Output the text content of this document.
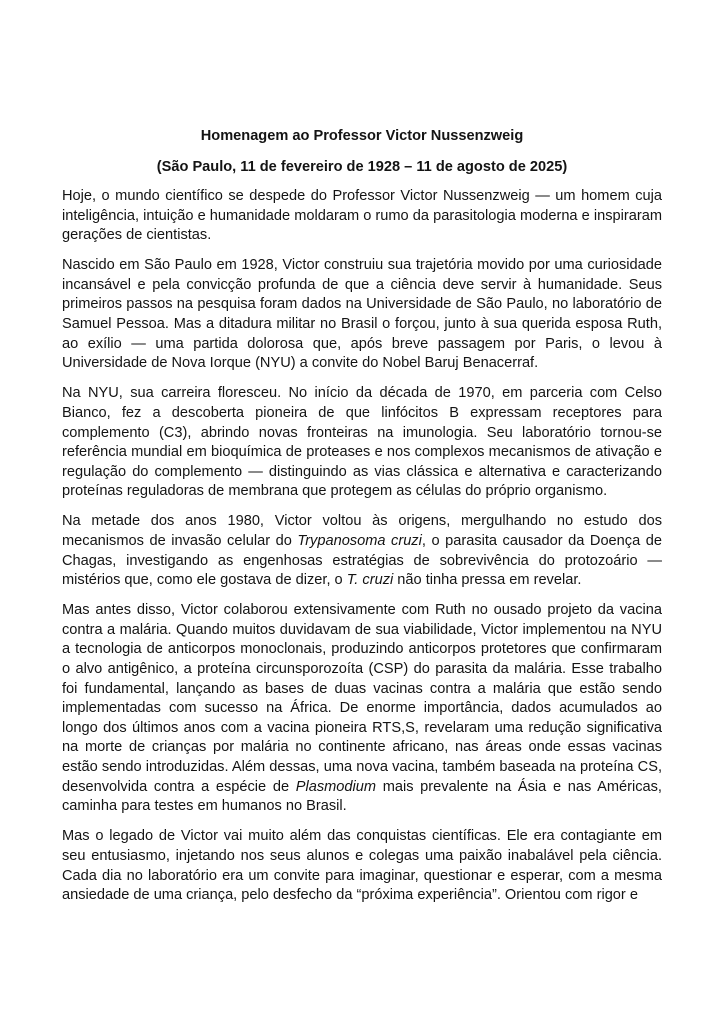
Homenagem ao Professor Victor Nussenzweig

(São Paulo, 11 de fevereiro de 1928 – 11 de agosto de 2025)

Hoje, o mundo científico se despede do Professor Victor Nussenzweig — um homem cuja inteligência, intuição e humanidade moldaram o rumo da parasitologia moderna e inspiraram gerações de cientistas.

Nascido em São Paulo em 1928, Victor construiu sua trajetória movido por uma curiosidade incansável e pela convicção profunda de que a ciência deve servir à humanidade. Seus primeiros passos na pesquisa foram dados na Universidade de São Paulo, no laboratório de Samuel Pessoa. Mas a ditadura militar no Brasil o forçou, junto à sua querida esposa Ruth, ao exílio — uma partida dolorosa que, após breve passagem por Paris, o levou à Universidade de Nova Iorque (NYU) a convite do Nobel Baruj Benacerraf.

Na NYU, sua carreira floresceu. No início da década de 1970, em parceria com Celso Bianco, fez a descoberta pioneira de que linfócitos B expressam receptores para complemento (C3), abrindo novas fronteiras na imunologia. Seu laboratório tornou-se referência mundial em bioquímica de proteases e nos complexos mecanismos de ativação e regulação do complemento — distinguindo as vias clássica e alternativa e caracterizando proteínas reguladoras de membrana que protegem as células do próprio organismo.

Na metade dos anos 1980, Victor voltou às origens, mergulhando no estudo dos mecanismos de invasão celular do Trypanosoma cruzi, o parasita causador da Doença de Chagas, investigando as engenhosas estratégias de sobrevivência do protozoário — mistérios que, como ele gostava de dizer, o T. cruzi não tinha pressa em revelar.

Mas antes disso, Victor colaborou extensivamente com Ruth no ousado projeto da vacina contra a malária. Quando muitos duvidavam de sua viabilidade, Victor implementou na NYU a tecnologia de anticorpos monoclonais, produzindo anticorpos protetores que confirmaram o alvo antigênico, a proteína circunsporozoíta (CSP) do parasita da malária. Esse trabalho foi fundamental, lançando as bases de duas vacinas contra a malária que estão sendo implementadas com sucesso na África. De enorme importância, dados acumulados ao longo dos últimos anos com a vacina pioneira RTS,S, revelaram uma redução significativa na morte de crianças por malária no continente africano, nas áreas onde essas vacinas estão sendo introduzidas. Além dessas, uma nova vacina, também baseada na proteína CS, desenvolvida contra a espécie de Plasmodium mais prevalente na Ásia e nas Américas, caminha para testes em humanos no Brasil.

Mas o legado de Victor vai muito além das conquistas científicas. Ele era contagiante em seu entusiasmo, injetando nos seus alunos e colegas uma paixão inabalável pela ciência. Cada dia no laboratório era um convite para imaginar, questionar e esperar, com a mesma ansiedade de uma criança, pelo desfecho da “próxima experiência”. Orientou com rigor e
